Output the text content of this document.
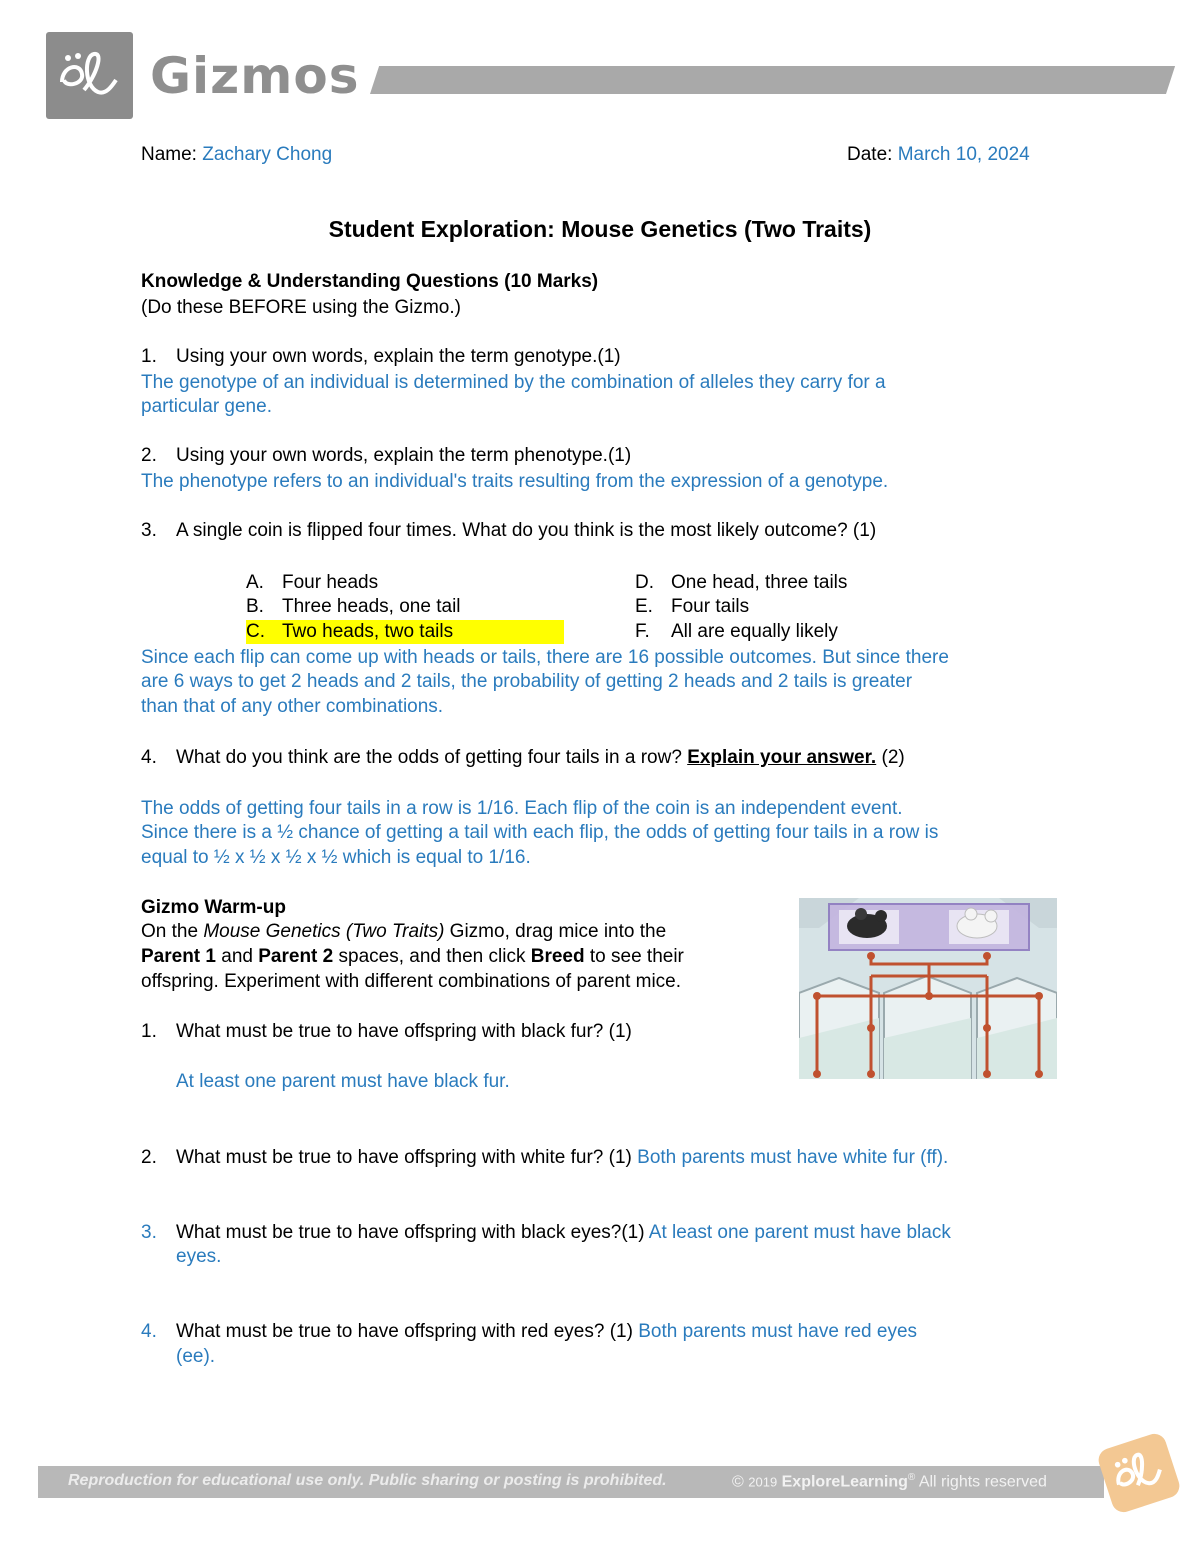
Gizmos
Name: Zachary Chong	Date: March 10, 2024
Student Exploration: Mouse Genetics (Two Traits)
Knowledge & Understanding Questions (10 Marks)
(Do these BEFORE using the Gizmo.)
1. Using your own words, explain the term genotype.(1)
The genotype of an individual is determined by the combination of alleles they carry for a
particular gene.
2. Using your own words, explain the term phenotype.(1)
The phenotype refers to an individual's traits resulting from the expression of a genotype.
3. A single coin is flipped four times. What do you think is the most likely outcome? (1)
A. Four heads
B. Three heads, one tail
C. Two heads, two tails
D. One head, three tails
E. Four tails
F. All are equally likely
Since each flip can come up with heads or tails, there are 16 possible outcomes. But since there
are 6 ways to get 2 heads and 2 tails, the probability of getting 2 heads and 2 tails is greater
than that of any other combinations.
4. What do you think are the odds of getting four tails in a row? Explain your answer. (2)
The odds of getting four tails in a row is 1/16. Each flip of the coin is an independent event.
Since there is a ½ chance of getting a tail with each flip, the odds of getting four tails in a row is
equal to ½ x ½ x ½ x ½ which is equal to 1/16.
Gizmo Warm-up
On the Mouse Genetics (Two Traits) Gizmo, drag mice into the
Parent 1 and Parent 2 spaces, and then click Breed to see their
offspring. Experiment with different combinations of parent mice.
1. What must be true to have offspring with black fur? (1)
At least one parent must have black fur.
2. What must be true to have offspring with white fur? (1) Both parents must have white fur (ff).
3. What must be true to have offspring with black eyes?(1) At least one parent must have black
eyes.
4. What must be true to have offspring with red eyes? (1) Both parents must have red eyes
(ee).
Reproduction for educational use only. Public sharing or posting is prohibited.	© 2019 ExploreLearning® All rights reserved
